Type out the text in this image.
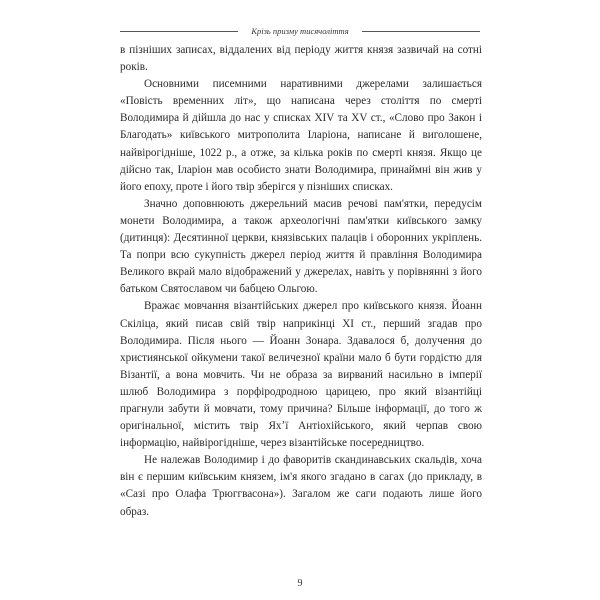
Крізь призму тисячоліття

в пізніших записах, віддалених від періоду життя князя зазвичай на сотні років.

Основними писемними наративними джерелами залишається «Повість временних літ», що написана через століття по смерті Володимира й дійшла до нас у списках XIV та XV ст., «Слово про Закон і Благодать» київського митрополита Іларіона, написане й виголошене, найвірогідніше, 1022 р., а отже, за кілька років по смерті князя. Якщо це дійсно так, Іларіон мав особисто знати Володимира, принаймні він жив у його епоху, проте і його твір зберігся у пізніших списках.

Значно доповнюють джерельний масив речові пам'ятки, передусім монети Володимира, а також археологічні пам'ятки київського замку (дитинця): Десятинної церкви, князівських палаців і оборонних укріплень. Та попри всю сукупність джерел період життя й правління Володимира Великого вкрай мало відображений у джерелах, навіть у порівнянні з його батьком Святославом чи бабцею Ольгою.

Вражає мовчання візантійських джерел про київського князя. Йоанн Скіліца, який писав свій твір наприкінці XI ст., перший згадав про Володимира. Після нього — Йоанн Зонара. Здавалося б, долучення до християнської ойкумени такої величезної країни мало б бути гордістю для Візантії, а вона мовчить. Чи не образа за вирваний насильно в імперії шлюб Володимира з порфіродродною царицею, про який візантійці прагнули забути й мовчати, тому причина? Більше інформації, до того ж оригінальної, містить твір Яхʼї Антіохійського, який черпав свою інформацію, найвірогідніше, через візантійське посередництво.

Не належав Володимир і до фаворитів скандинавських скальдів, хоча він є першим київським князем, ім'я якого згадано в сагах (до прикладу, в «Сазі про Олафа Трюггвасона»). Загалом же саги подають лише його образ.

9
